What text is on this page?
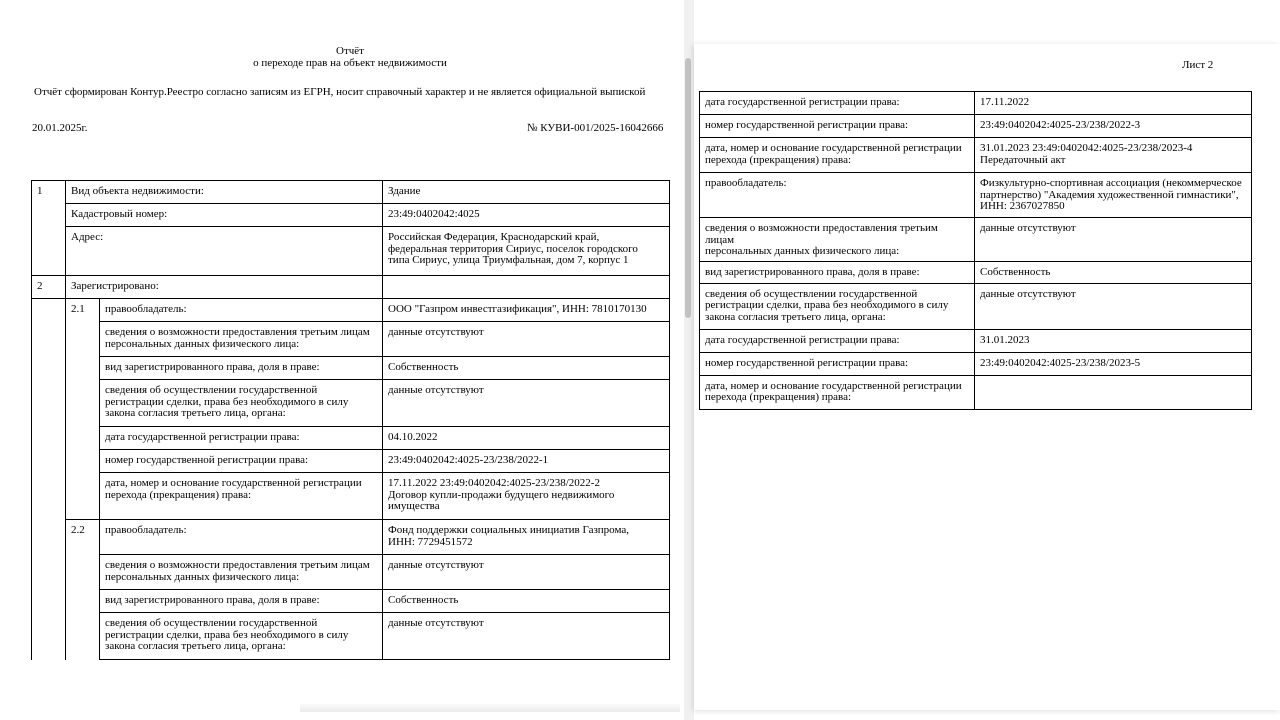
Отчёт
о переходе прав на объект недвижимости
Отчёт сформирован Контур.Реестро согласно записям из ЕГРН, носит справочный характер и не является официальной выпиской
20.01.2025г.	№ КУВИ-001/2025-16042666
1	Вид объекта недвижимости:		Здание
	Кадастровый номер:		23:49:0402042:4025
	Адрес:		Российская Федерация, Краснодарский край,
федеральная территория Сириус, поселок городского
типа Сириус, улица Триумфальная, дом 7, корпус 1
2	Зарегистрировано:		
	2.1	правообладатель:	ООО "Газпром инвестгазификация", ИНН: 7810170130
		сведения о возможности предоставления третьим лицам
персональных данных физического лица:	данные отсутствуют
		вид зарегистрированного права, доля в праве:	Собственность
		сведения об осуществлении государственной
регистрации сделки, права без необходимого в силу
закона согласия третьего лица, органа:	данные отсутствуют
		дата государственной регистрации права:	04.10.2022
		номер государственной регистрации права:	23:49:0402042:4025-23/238/2022-1
		дата, номер и основание государственной регистрации
перехода (прекращения) права:	17.11.2022 23:49:0402042:4025-23/238/2022-2
Договор купли-продажи будущего недвижимого
имущества
	2.2	правообладатель:	Фонд поддержки социальных инициатив Газпрома,
ИНН: 7729451572
		сведения о возможности предоставления третьим лицам
персональных данных физического лица:	данные отсутствуют
		вид зарегистрированного права, доля в праве:	Собственность
		сведения об осуществлении государственной
регистрации сделки, права без необходимого в силу
закона согласия третьего лица, органа:	данные отсутствуют
Лист 2
дата государственной регистрации права:	17.11.2022
номер государственной регистрации права:	23:49:0402042:4025-23/238/2022-3
дата, номер и основание государственной регистрации
перехода (прекращения) права:	31.01.2023 23:49:0402042:4025-23/238/2023-4
Передаточный акт
правообладатель:	Физкультурно-спортивная ассоциация (некоммерческое
партнерство) "Академия художественной гимнастики",
ИНН: 2367027850
сведения о возможности предоставления третьим лицам
персональных данных физического лица:	данные отсутствуют
вид зарегистрированного права, доля в праве:	Собственность
сведения об осуществлении государственной
регистрации сделки, права без необходимого в силу
закона согласия третьего лица, органа:	данные отсутствуют
дата государственной регистрации права:	31.01.2023
номер государственной регистрации права:	23:49:0402042:4025-23/238/2023-5
дата, номер и основание государственной регистрации
перехода (прекращения) права:	
